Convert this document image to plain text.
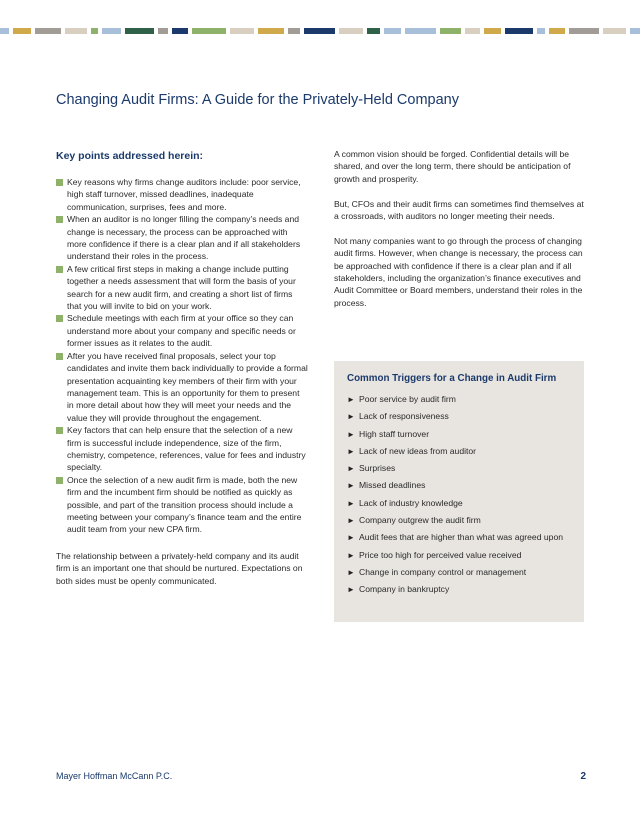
Changing Audit Firms: A Guide for the Privately-Held Company
Key points addressed herein:
Key reasons why firms change auditors include: poor service, high staff turnover, missed deadlines, inadequate communication, surprises, fees and more.
When an auditor is no longer filling the company’s needs and change is necessary, the process can be approached with more confidence if there is a clear plan and if all stakeholders understand their roles in the process.
A few critical first steps in making a change include putting together a needs assessment that will form the basis of your search for a new audit firm, and creating a short list of firms that you will invite to bid on your work.
Schedule meetings with each firm at your office so they can understand more about your company and specific needs or former issues as it relates to the audit.
After you have received final proposals, select your top candidates and invite them back individually to provide a formal presentation acquainting key members of their firm with your management team. This is an opportunity for them to present in more detail about how they will meet your needs and the value they will provide throughout the engagement.
Key factors that can help ensure that the selection of a new firm is successful include independence, size of the firm, chemistry, competence, references, value for fees and industry specialty.
Once the selection of a new audit firm is made, both the new firm and the incumbent firm should be notified as quickly as possible, and part of the transition process should include a meeting between your company’s finance team and the entire audit team from your new CPA firm.

The relationship between a privately-held company and its audit firm is an important one that should be nurtured. Expectations on both sides must be openly communicated.

A common vision should be forged. Confidential details will be shared, and over the long term, there should be anticipation of growth and prosperity.

But, CFOs and their audit firms can sometimes find themselves at a crossroads, with auditors no longer meeting their needs.

Not many companies want to go through the process of changing audit firms. However, when change is necessary, the process can be approached with confidence if there is a clear plan and if all stakeholders, including the organization’s finance executives and Audit Committee or Board members, understand their roles in the process.

Common Triggers for a Change in Audit Firm
► Poor service by audit firm
► Lack of responsiveness
► High staff turnover
► Lack of new ideas from auditor
► Surprises
► Missed deadlines
► Lack of industry knowledge
► Company outgrew the audit firm
► Audit fees that are higher than what was agreed upon
► Price too high for perceived value received
► Change in company control or management
► Company in bankruptcy
Mayer Hoffman McCann P.C.	2
